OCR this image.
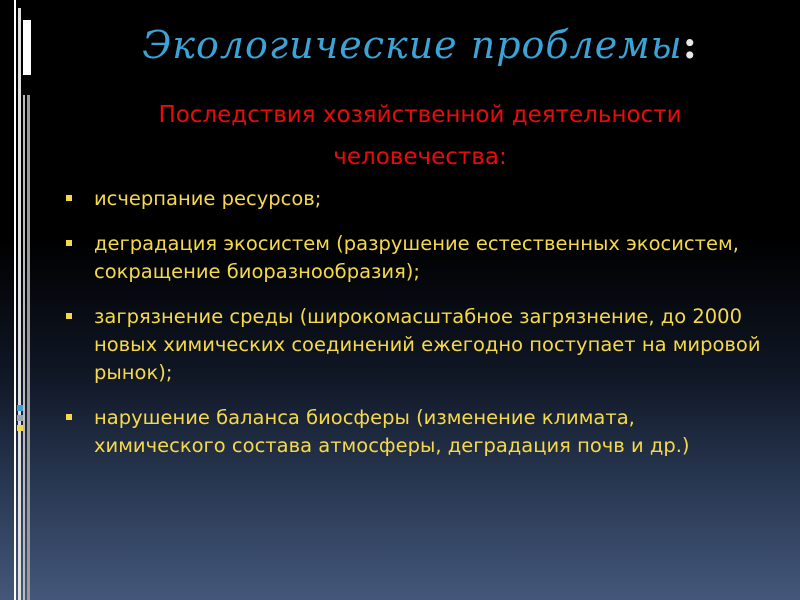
Экологические проблемы:
Последствия хозяйственной деятельности
человечества:
исчерпание ресурсов;
деградация экосистем (разрушение естественных экосистем, сокращение биоразнообразия);
загрязнение среды (широкомасштабное загрязнение, до 2000 новых химических соединений ежегодно поступает на мировой рынок);
нарушение баланса биосферы (изменение климата, химического состава атмосферы, деградация почв и др.)
